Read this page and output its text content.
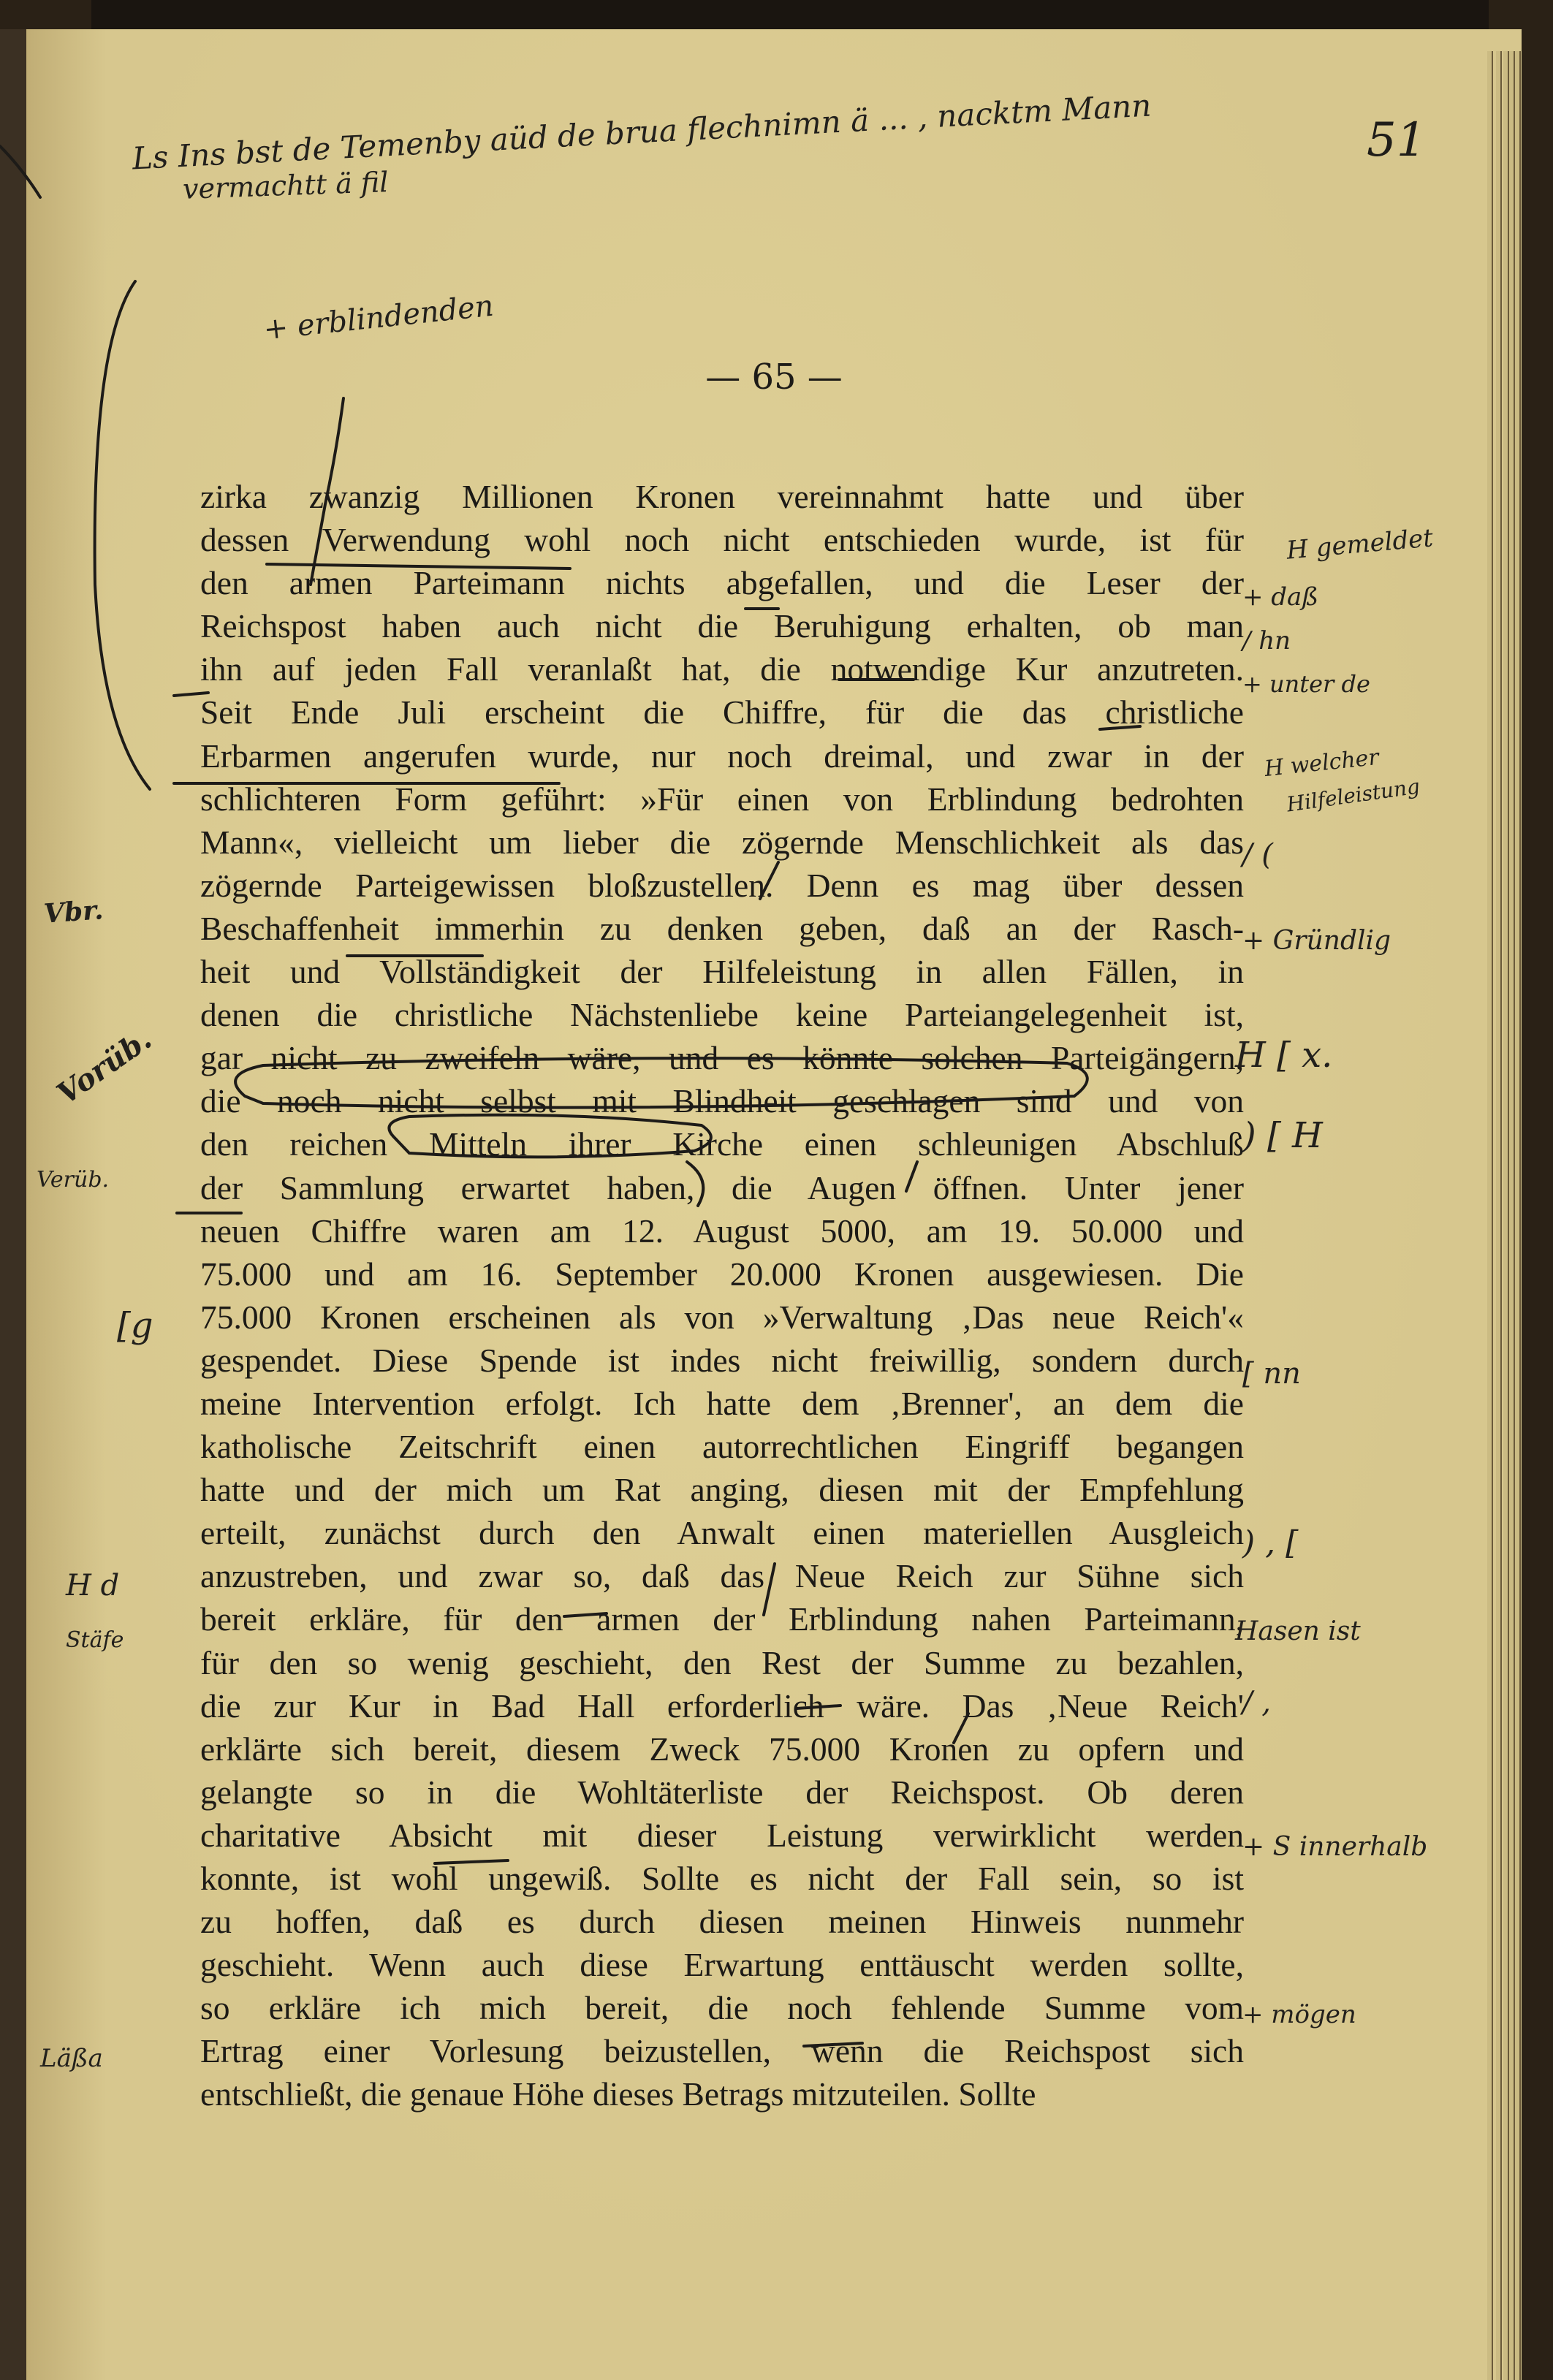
— 65 —
zirka zwanzig Millionen Kronen vereinnahmt hatte und über
dessen Verwendung wohl noch nicht entschieden wurde, ist für
den armen Parteimann nichts abgefallen, und die Leser der
Reichspost haben auch nicht die Beruhigung erhalten, ob man
ihn auf jeden Fall veranlaßt hat, die notwendige Kur anzutreten.
Seit Ende Juli erscheint die Chiffre, für die das christliche
Erbarmen angerufen wurde, nur noch dreimal, und zwar in der
schlichteren Form geführt: »Für einen von Erblindung bedrohten
Mann«, vielleicht um lieber die zögernde Menschlichkeit als das
zögernde Parteigewissen bloßzustellen. Denn es mag über dessen
Beschaffenheit immerhin zu denken geben, daß an der Rasch-
heit und Vollständigkeit der Hilfeleistung in allen Fällen, in
denen die christliche Nächstenliebe keine Parteiangelegenheit ist,
gar nicht zu zweifeln wäre, und es könnte solchen Parteigängern,
die noch nicht selbst mit Blindheit geschlagen sind und von
den reichen Mitteln ihrer Kirche einen schleunigen Abschluß
der Sammlung erwartet haben, die Augen öffnen. Unter jener
neuen Chiffre waren am 12. August 5000, am 19. 50.000 und
75.000 und am 16. September 20.000 Kronen ausgewiesen. Die
75.000 Kronen erscheinen als von »Verwaltung ‚Das neue Reich'«
gespendet. Diese Spende ist indes nicht freiwillig, sondern durch
meine Intervention erfolgt. Ich hatte dem ‚Brenner', an dem die
katholische Zeitschrift einen autorrechtlichen Eingriff begangen
hatte und der mich um Rat anging, diesen mit der Empfehlung
erteilt, zunächst durch den Anwalt einen materiellen Ausgleich
anzustreben, und zwar so, daß das Neue Reich zur Sühne sich
bereit erkläre, für den armen der Erblindung nahen Parteimann,
für den so wenig geschieht, den Rest der Summe zu bezahlen,
die zur Kur in Bad Hall erforderlich wäre. Das ‚Neue Reich'
erklärte sich bereit, diesem Zweck 75.000 Kronen zu opfern und
gelangte so in die Wohltäterliste der Reichspost. Ob deren
charitative Absicht mit dieser Leistung verwirklicht werden
konnte, ist wohl ungewiß. Sollte es nicht der Fall sein, so ist
zu hoffen, daß es durch diesen meinen Hinweis nunmehr
geschieht. Wenn auch diese Erwartung enttäuscht werden sollte,
so erkläre ich mich bereit, die noch fehlende Summe vom
Ertrag einer Vorlesung beizustellen, wenn die Reichspost sich
entschließt, die genaue Höhe dieses Betrags mitzuteilen. Sollte
51
Ls Ins bst de Temenby aüd de brua flechnimn ä ... , nacktm Mann
vermachtt ä fil
+ erblindenden
H gemeldet
+ daß
/ hn
+ unter de
H welcher
Hilfeleistung
/ (
+ Gründlig
H [ x.
) [ H
[ nn
) , [
Hasen ist
/ ,
+ S innerhalb
+ mögen
Vbr.
Vorüb.
Verüb.
[g
H d
Stäfe
Läßa
